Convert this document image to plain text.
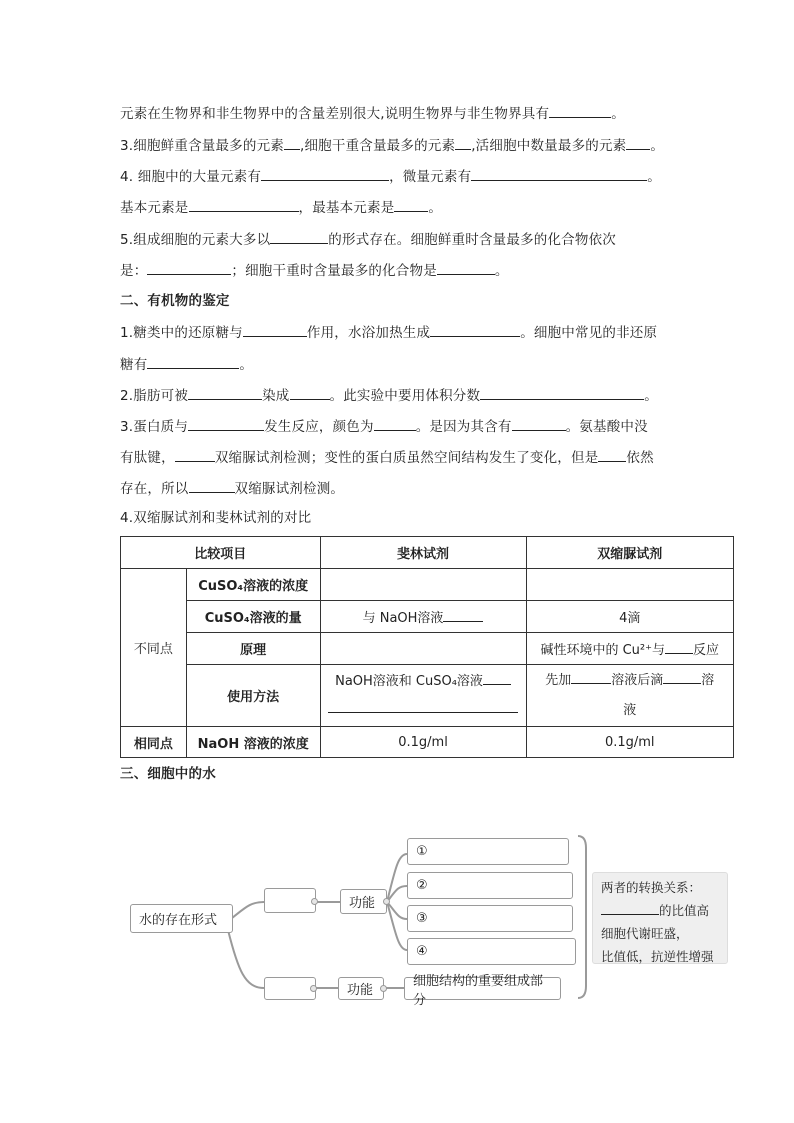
元素在生物界和非生物界中的含量差别很大,说明生物界与非生物界具有	。
3.细胞鲜重含量最多的元素 ,细胞干重含量最多的元素 ,活细胞中数量最多的元素 。
4. 细胞中的大量元素有	，微量元素有	。
基本元素是	，最基本元素是	。
5.组成细胞的元素大多以	的形式存在。细胞鲜重时含量最多的化合物依次
是：	；细胞干重时含量最多的化合物是	。
二、有机物的鉴定
1.糖类中的还原糖与	作用，水浴加热生成	。细胞中常见的非还原
糖有	。
2.脂肪可被	染成	。此实验中要用体积分数	。
3.蛋白质与	发生反应，颜色为	。是因为其含有	。氨基酸中没
有肽键，	双缩脲试剂检测；变性的蛋白质虽然空间结构发生了变化，但是 依然
存在，所以	双缩脲试剂检测。
4.双缩脲试剂和斐林试剂的对比
比较项目		斐林试剂	双缩脲试剂
不同点	CuSO₄溶液的浓度		
	CuSO₄溶液的量	与 NaOH溶液	4滴
	原理		碱性环境中的 Cu²⁺与 反应
	使用方法	NaOH溶液和 CuSO₄溶液	先加 溶液后滴 溶
液
相同点	NaOH 溶液的浓度	0.1g/ml	0.1g/ml
三、细胞中的水
水的存在形式
功能
①
②
③
④
功能
细胞结构的重要组成部分
两者的转换关系：
的比值高
细胞代谢旺盛，
比值低，抗逆性增强
